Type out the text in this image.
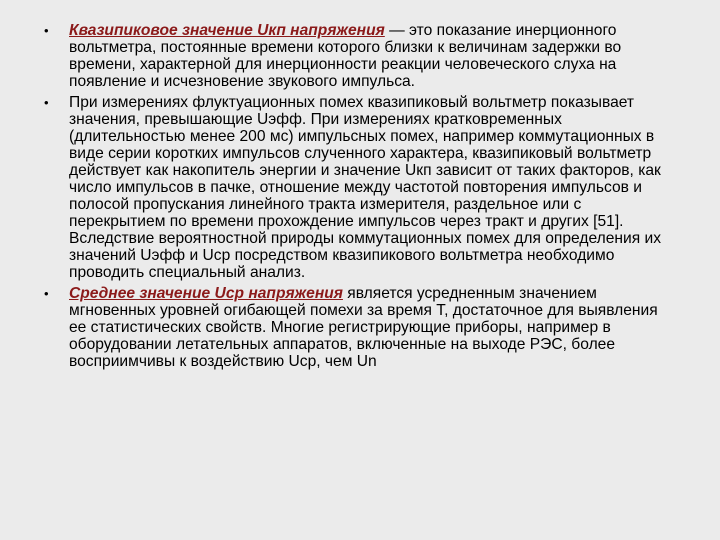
• Квазипиковое значение Uкп напряжения — это показание инерционного вольтметра, постоянные времени которого близки к величинам задержки во времени, характерной для инерционности реакции человеческого слуха на появление и исчезновение звукового импульса.
• При измерениях флуктуационных помех квазипиковый вольтметр показывает значения, превышающие Uэфф. При измерениях кратковременных (длительностью менее 200 мс) импульсных помех, например коммутационных в виде серии коротких импульсов слученного характера, квазипиковый вольтметр действует как накопитель энергии и значение Uкп зависит от таких факторов, как число импульсов в пачке, отношение между частотой повторения импульсов и полосой пропускания линейного тракта измерителя, раздельное или с перекрытием по времени прохождение импульсов через тракт и других [51]. Вследствие вероятностной природы коммутационных помех для определения их значений Uэфф и Uср посредством квазипикового вольтметра необходимо проводить специальный анализ.
• Среднее значение Uср напряжения является усредненным значением мгновенных уровней огибающей помехи за время Т, достаточное для выявления ее статистических свойств. Многие регистрирующие приборы, например в оборудовании летательных аппаратов, включенные на выходе РЭС, более восприимчивы к воздействию Uср, чем Un
